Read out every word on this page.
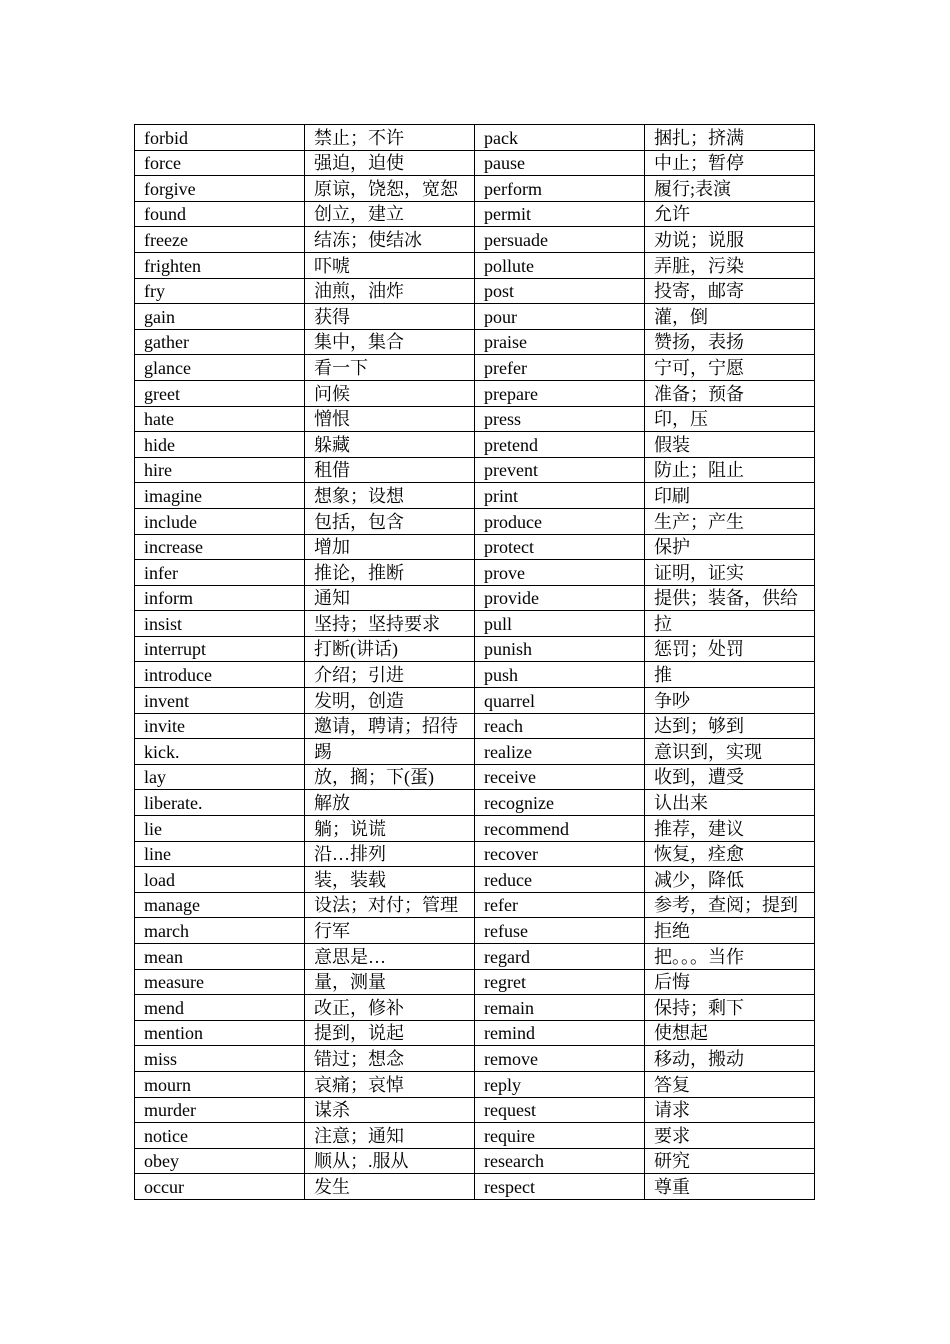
forbid	禁止；不许	pack	捆扎；挤满
force	强迫，迫使	pause	中止；暂停
forgive	原谅，饶恕，宽恕	perform	履行;表演
found	创立，建立	permit	允许
freeze	结冻；使结冰	persuade	劝说；说服
frighten	吓唬	pollute	弄脏，污染
fry	油煎，油炸	post	投寄，邮寄
gain	获得	pour	灌，倒
gather	集中，集合	praise	赞扬，表扬
glance	看一下	prefer	宁可，宁愿
greet	问候	prepare	准备；预备
hate	憎恨	press	印，压
hide	躲藏	pretend	假装
hire	租借	prevent	防止；阻止
imagine	想象；设想	print	印刷
include	包括，包含	produce	生产；产生
increase	增加	protect	保护
infer	推论，推断	prove	证明，证实
inform	通知	provide	提供；装备，供给
insist	坚持；坚持要求	pull	拉
interrupt	打断(讲话)	punish	惩罚；处罚
introduce	介绍；引进	push	推
invent	发明，创造	quarrel	争吵
invite	邀请，聘请；招待	reach	达到；够到
kick.	踢	realize	意识到，实现
lay	放，搁；下(蛋)	receive	收到，遭受
liberate.	解放	recognize	认出来
lie	躺；说谎	recommend	推荐，建议
line	沿…排列	recover	恢复，痊愈
load	装，装载	reduce	减少，降低
manage	设法；对付；管理	refer	参考，查阅；提到
march	行军	refuse	拒绝
mean	意思是…	regard	把。。。当作
measure	量，测量	regret	后悔
mend	改正，修补	remain	保持；剩下
mention	提到，说起	remind	使想起
miss	错过；想念	remove	移动，搬动
mourn	哀痛；哀悼	reply	答复
murder	谋杀	request	请求
notice	注意；通知	require	要求
obey	顺从；.服从	research	研究
occur	发生	respect	尊重
